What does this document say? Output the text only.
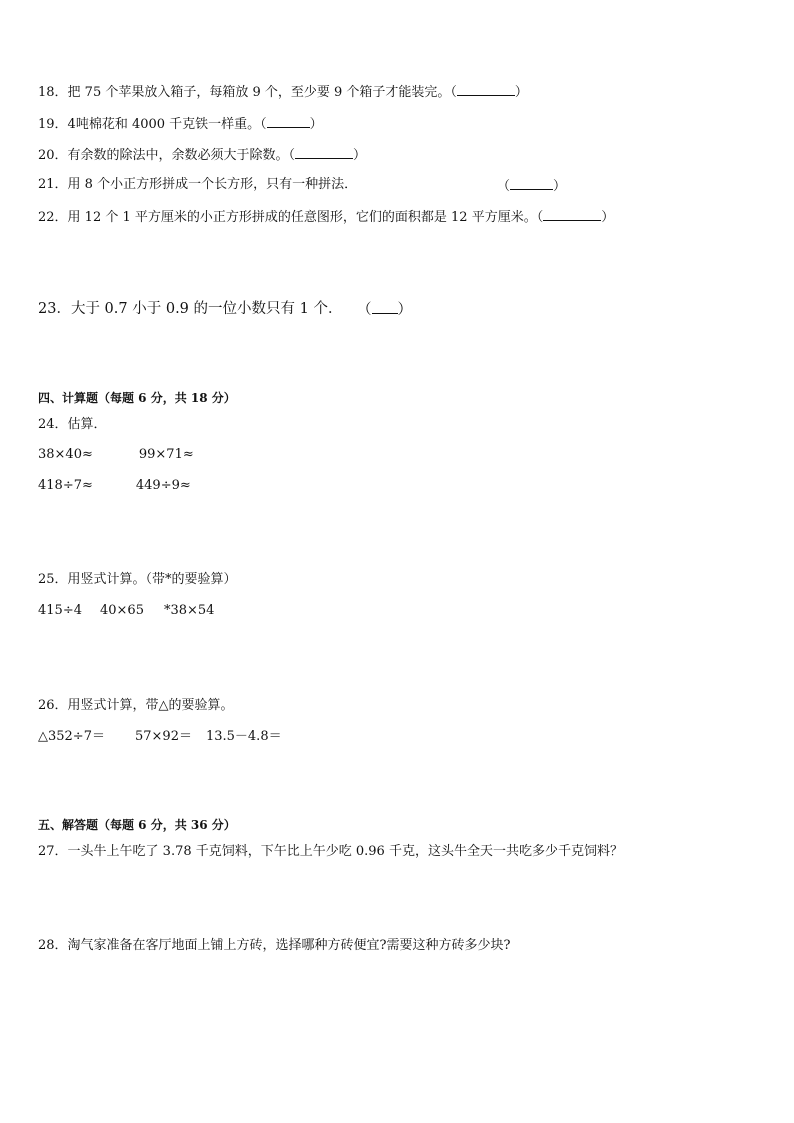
18．把 75 个苹果放入箱子，每箱放 9 个，至少要 9 个箱子才能装完。（	）
19．4吨棉花和 4000 千克铁一样重。（	）
20．有余数的除法中，余数必须大于除数。（	）
21．用 8 个小正方形拼成一个长方形，只有一种拼法．	（	）
22．用 12 个 1 平方厘米的小正方形拼成的任意图形，它们的面积都是 12 平方厘米。（	）
23．大于 0.7 小于 0.9 的一位小数只有 1 个． （ ）
四、计算题（每题 6 分，共 18 分）
24．估算．
38×40≈	99×71≈
418÷7≈	449÷9≈
25．用竖式计算。（带*的要验算）
415÷4 40×65 *38×54
26．用竖式计算，带△的要验算。
△352÷7＝ 57×92＝ 13.5－4.8＝
五、解答题（每题 6 分，共 36 分）
27．一头牛上午吃了 3.78 千克饲料，下午比上午少吃 0.96 千克，这头牛全天一共吃多少千克饲料？
28．淘气家准备在客厅地面上铺上方砖，选择哪种方砖便宜?需要这种方砖多少块?
